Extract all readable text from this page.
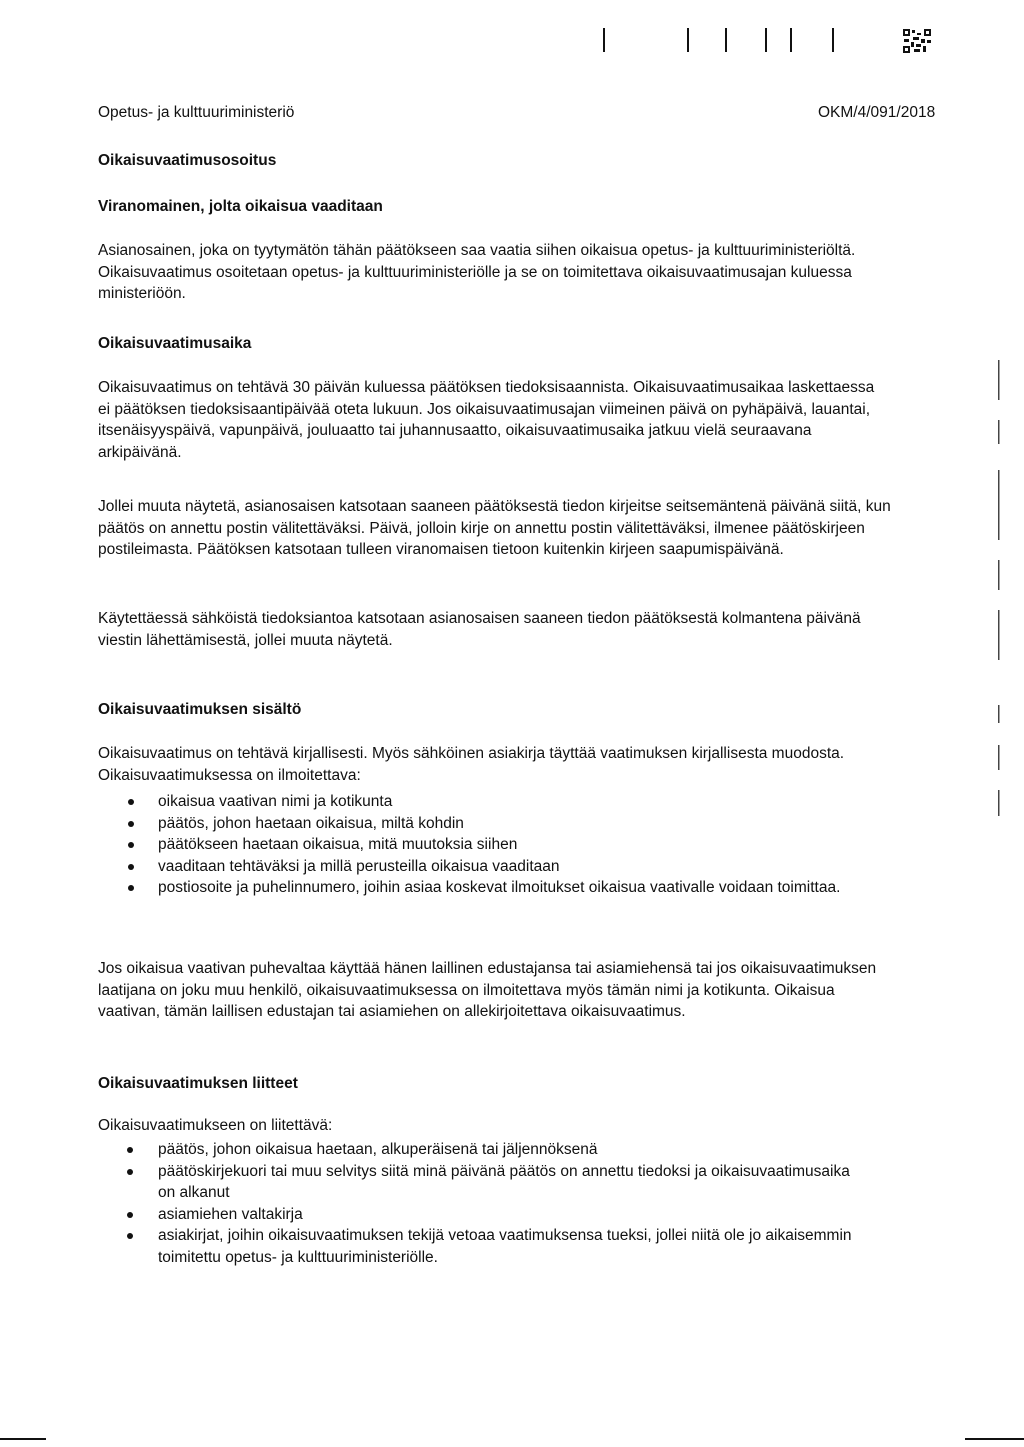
Opetus- ja kulttuuriministeriö	OKM/4/091/2018
Oikaisuvaatimusosoitus
Viranomainen, jolta oikaisua vaaditaan

Asianosainen, joka on tyytymätön tähän päätökseen saa vaatia siihen oikaisua opetus- ja kulttuuriministeriöltä. Oikaisuvaatimus osoitetaan opetus- ja kulttuuriministeriölle ja se on toimitettava oikaisuvaatimusajan kuluessa ministeriöön.

Oikaisuvaatimusaika

Oikaisuvaatimus on tehtävä 30 päivän kuluessa päätöksen tiedoksisaannista. Oikaisuvaatimusaikaa laskettaessa ei päätöksen tiedoksisaantipäivää oteta lukuun. Jos oikaisuvaatimusajan viimeinen päivä on pyhäpäivä, lauantai, itsenäisyyspäivä, vapunpäivä, jouluaatto tai juhannusaatto, oikaisuvaatimusaika jatkuu vielä seuraavana arkipäivänä.

Jollei muuta näytetä, asianosaisen katsotaan saaneen päätöksestä tiedon kirjeitse seitsemäntenä päivänä siitä, kun päätös on annettu postin välitettäväksi. Päivä, jolloin kirje on annettu postin välitettäväksi, ilmenee päätöskirjeen postileimasta. Päätöksen katsotaan tulleen viranomaisen tietoon kuitenkin kirjeen saapumispäivänä.

Käytettäessä sähköistä tiedoksiantoa katsotaan asianosaisen saaneen tiedon päätöksestä kolmantena päivänä viestin lähettämisestä, jollei muuta näytetä.

Oikaisuvaatimuksen sisältö

Oikaisuvaatimus on tehtävä kirjallisesti. Myös sähköinen asiakirja täyttää vaatimuksen kirjallisesta muodosta. Oikaisuvaatimuksessa on ilmoitettava:

oikaisua vaativan nimi ja kotikunta
päätös, johon haetaan oikaisua, miltä kohdin
päätökseen haetaan oikaisua, mitä muutoksia siihen
vaaditaan tehtäväksi ja millä perusteilla oikaisua vaaditaan
postiosoite ja puhelinnumero, joihin asiaa koskevat ilmoitukset oikaisua vaativalle voidaan toimittaa.

Jos oikaisua vaativan puhevaltaa käyttää hänen laillinen edustajansa tai asiamiehensä tai jos oikaisuvaatimuksen laatijana on joku muu henkilö, oikaisuvaatimuksessa on ilmoitettava myös tämän nimi ja kotikunta. Oikaisua vaativan, tämän laillisen edustajan tai asiamiehen on allekirjoitettava oikaisuvaatimus.

Oikaisuvaatimuksen liitteet

Oikaisuvaatimukseen on liitettävä:

päätös, johon oikaisua haetaan, alkuperäisenä tai jäljennöksenä
päätöskirjekuori tai muu selvitys siitä minä päivänä päätös on annettu tiedoksi ja oikaisuvaatimusaika on alkanut
asiamiehen valtakirja
asiakirjat, joihin oikaisuvaatimuksen tekijä vetoaa vaatimuksensa tueksi, jollei niitä ole jo aikaisemmin toimitettu opetus- ja kulttuuriministeriölle.
